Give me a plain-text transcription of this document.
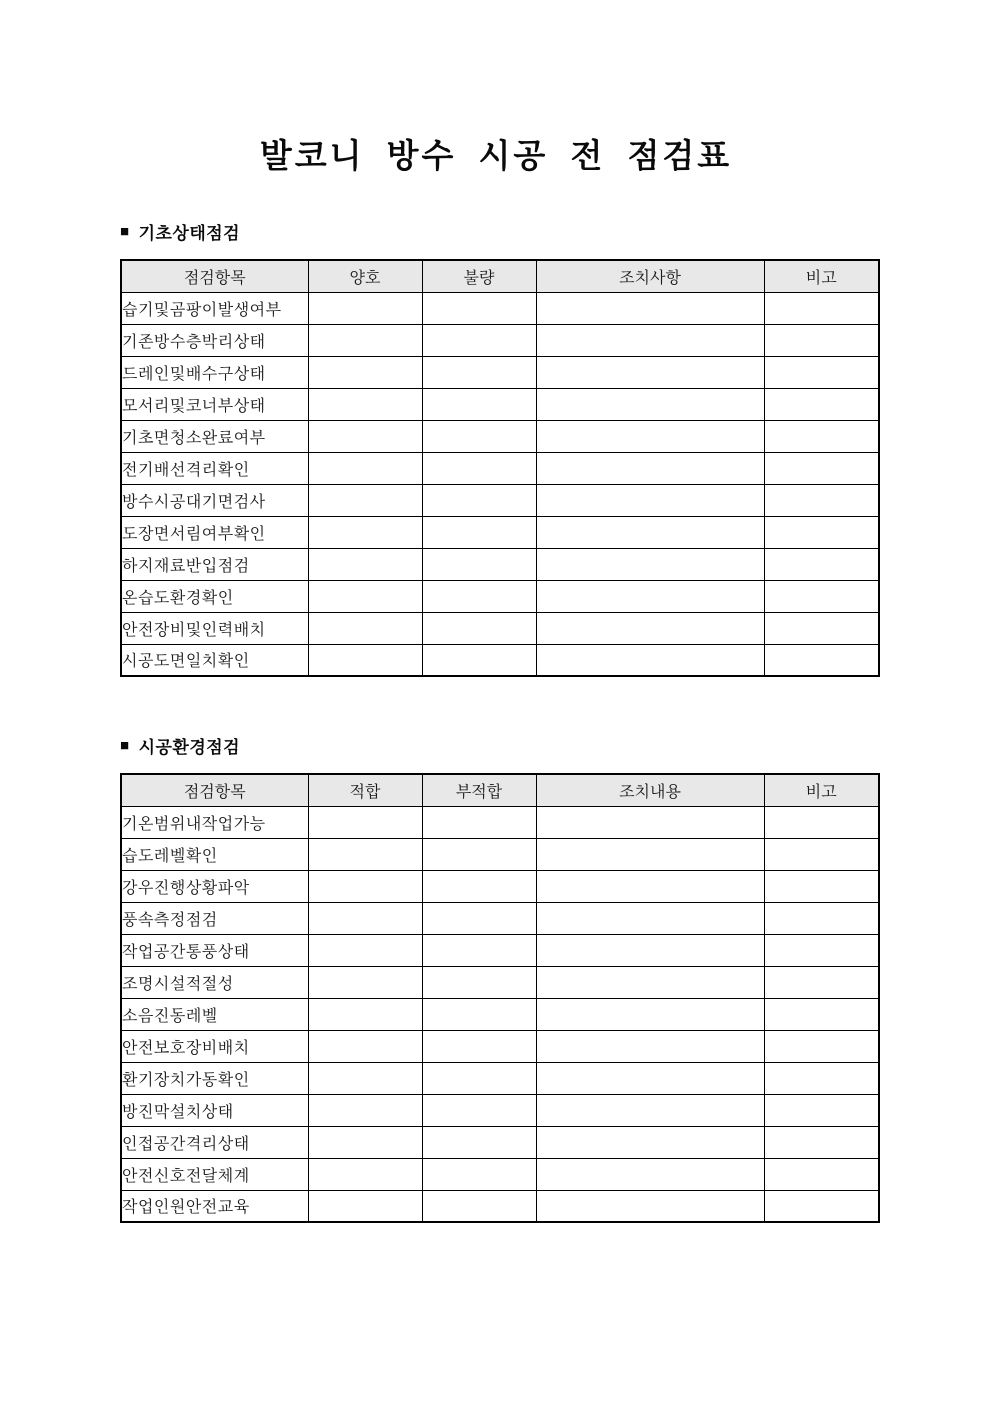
발코니 방수 시공 전 점검표
■ 기초상태점검
점검항목	양호	불량	조치사항	비고
습기및곰팡이발생여부				
기존방수층박리상태				
드레인및배수구상태				
모서리및코너부상태				
기초면청소완료여부				
전기배선격리확인				
방수시공대기면검사				
도장면서림여부확인				
하지재료반입점검				
온습도환경확인				
안전장비및인력배치				
시공도면일치확인				
■ 시공환경점검
점검항목	적합	부적합	조치내용	비고
기온범위내작업가능				
습도레벨확인				
강우진행상황파악				
풍속측정점검				
작업공간통풍상태				
조명시설적절성				
소음진동레벨				
안전보호장비배치				
환기장치가동확인				
방진막설치상태				
인접공간격리상태				
안전신호전달체계				
작업인원안전교육				
